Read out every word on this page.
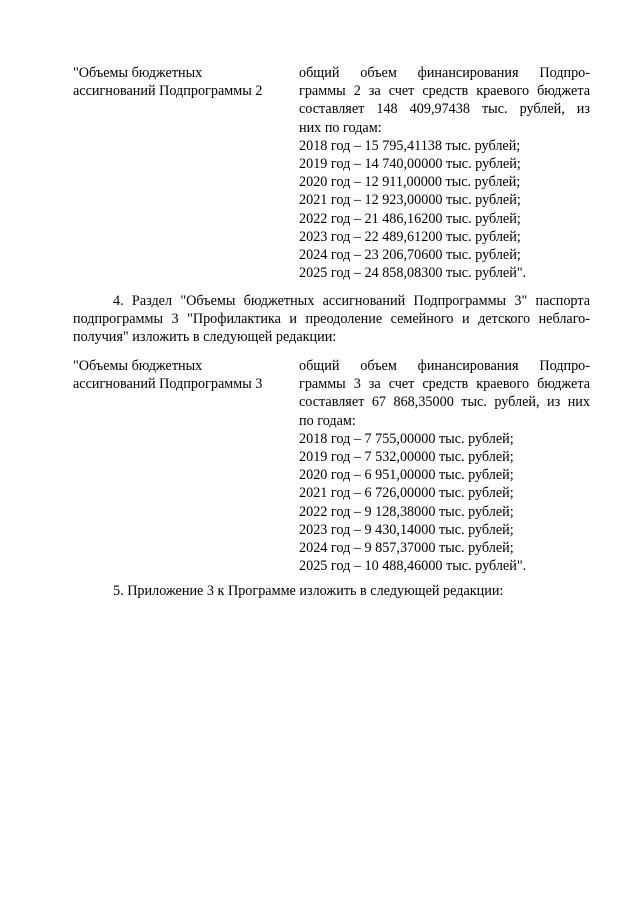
"Объемы бюджетных
ассигнований Подпрограммы 2
общий объем финансирования Подпро-
граммы 2 за счет средств краевого бюджета
составляет 148 409,97438 тыс. рублей, из
них по годам:
2018 год – 15 795,41138 тыс. рублей;
2019 год – 14 740,00000 тыс. рублей;
2020 год – 12 911,00000 тыс. рублей;
2021 год – 12 923,00000 тыс. рублей;
2022 год – 21 486,16200 тыс. рублей;
2023 год – 22 489,61200 тыс. рублей;
2024 год – 23 206,70600 тыс. рублей;
2025 год – 24 858,08300 тыс. рублей".
4. Раздел "Объемы бюджетных ассигнований Подпрограммы 3" паспорта
подпрограммы 3 "Профилактика и преодоление семейного и детского неблаго-
получия" изложить в следующей редакции:
"Объемы бюджетных
ассигнований Подпрограммы 3
общий объем финансирования Подпро-
граммы 3 за счет средств краевого бюджета
составляет 67 868,35000 тыс. рублей, из них
по годам:
2018 год – 7 755,00000 тыс. рублей;
2019 год – 7 532,00000 тыс. рублей;
2020 год – 6 951,00000 тыс. рублей;
2021 год – 6 726,00000 тыс. рублей;
2022 год – 9 128,38000 тыс. рублей;
2023 год – 9 430,14000 тыс. рублей;
2024 год – 9 857,37000 тыс. рублей;
2025 год – 10 488,46000 тыс. рублей".
5. Приложение 3 к Программе изложить в следующей редакции:
